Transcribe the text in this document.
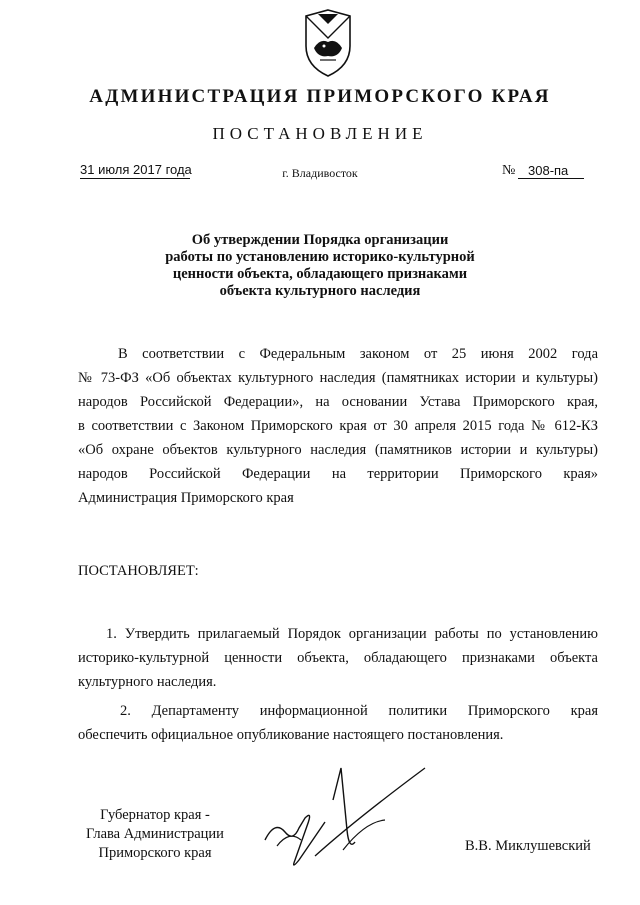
АДМИНИСТРАЦИЯ ПРИМОРСКОГО КРАЯ
ПОСТАНОВЛЕНИЕ
31 июля 2017 года	г. Владивосток	№ 308-па
Об утверждении Порядка организации
работы по установлению историко-культурной
ценности объекта, обладающего признаками
объекта культурного наследия
В соответствии с Федеральным законом от 25 июня 2002 года
№ 73-ФЗ «Об объектах культурного наследия (памятниках истории и культуры)
народов Российской Федерации», на основании Устава Приморского края,
в соответствии с Законом Приморского края от 30 апреля 2015 года № 612-КЗ
«Об охране объектов культурного наследия (памятников истории и культуры)
народов Российской Федерации на территории Приморского края»
Администрация Приморского края
ПОСТАНОВЛЯЕТ:
1. Утвердить прилагаемый Порядок организации работы по установлению
историко-культурной ценности объекта, обладающего признаками объекта
культурного наследия.
2. Департаменту информационной политики Приморского края
обеспечить официальное опубликование настоящего постановления.
Губернатор края -
Глава Администрации
Приморского края	В.В. Миклушевский
